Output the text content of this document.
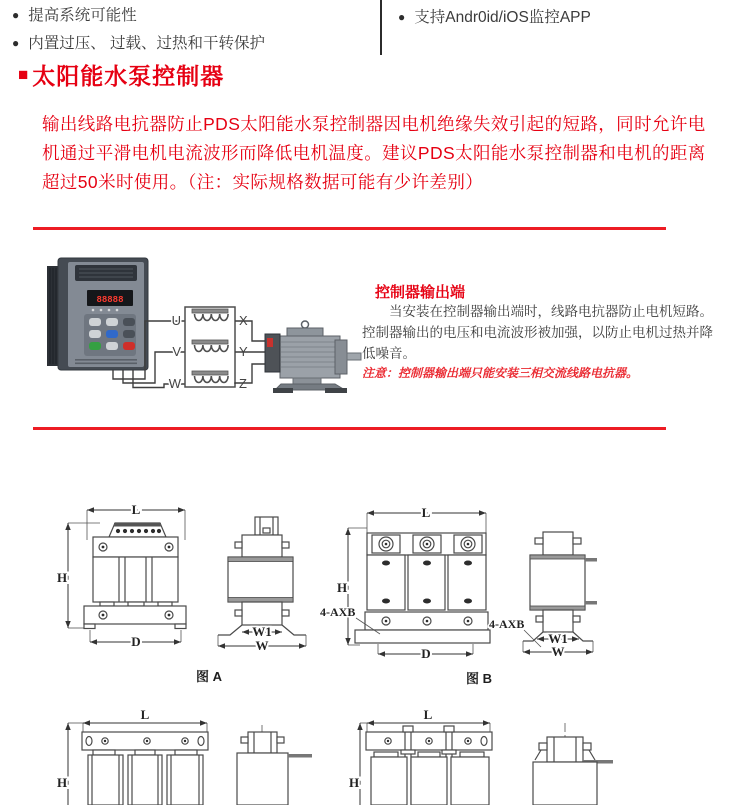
● 提高系统可能性
● 内置过压、 过载、过热和干转保护
● 支持Andr0id/iOS监控APP
■ 太阳能水泵控制器
输出线路电抗器防止PDS太阳能水泵控制器因电机绝缘失效引起的短路，同时允许电机通过平滑电机电流波形而降低电机温度。建议PDS太阳能水泵控制器和电机的距离超过50米时使用。（注：实际规格数据可能有少许差别）
88888
U
V
W
X
Y
Z
控制器输出端
当安装在控制器输出端时，线路电抗器防止电机短路。控制器输出的电压和电流波形被加强，以防止电机过热并降低噪音。
注意：控制器输出端只能安装三相交流线路电抗器。
L
H
D
W1
W
图 A
L
H
D
4-AXB
4-AXB
W1
W
图 B
L
H
L
H
